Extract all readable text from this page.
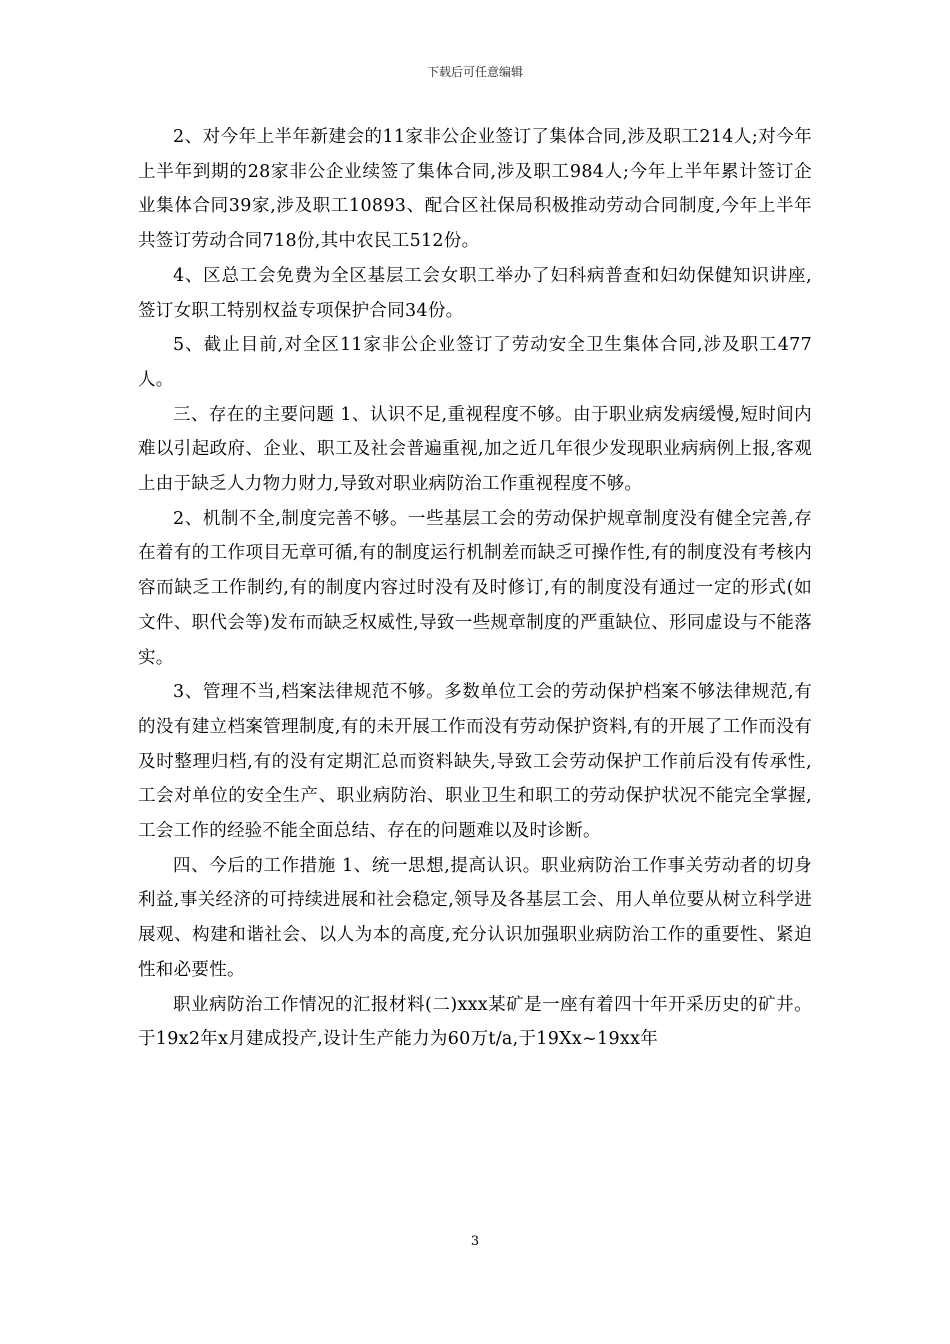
下载后可任意编辑

2、对今年上半年新建会的11家非公企业签订了集体合同,涉及职工214人;对今年上半年到期的28家非公企业续签了集体合同,涉及职工984人;今年上半年累计签订企业集体合同39家,涉及职工10893、配合区社保局积极推动劳动合同制度,今年上半年共签订劳动合同718份,其中农民工512份。

4、区总工会免费为全区基层工会女职工举办了妇科病普查和妇幼保健知识讲座,签订女职工特别权益专项保护合同34份。

5、截止目前,对全区11家非公企业签订了劳动安全卫生集体合同,涉及职工477人。

三、存在的主要问题 1、认识不足,重视程度不够。由于职业病发病缓慢,短时间内难以引起政府、企业、职工及社会普遍重视,加之近几年很少发现职业病病例上报,客观上由于缺乏人力物力财力,导致对职业病防治工作重视程度不够。

2、机制不全,制度完善不够。一些基层工会的劳动保护规章制度没有健全完善,存在着有的工作项目无章可循,有的制度运行机制差而缺乏可操作性,有的制度没有考核内容而缺乏工作制约,有的制度内容过时没有及时修订,有的制度没有通过一定的形式(如文件、职代会等)发布而缺乏权威性,导致一些规章制度的严重缺位、形同虚设与不能落实。

3、管理不当,档案法律规范不够。多数单位工会的劳动保护档案不够法律规范,有的没有建立档案管理制度,有的未开展工作而没有劳动保护资料,有的开展了工作而没有及时整理归档,有的没有定期汇总而资料缺失,导致工会劳动保护工作前后没有传承性,工会对单位的安全生产、职业病防治、职业卫生和职工的劳动保护状况不能完全掌握,工会工作的经验不能全面总结、存在的问题难以及时诊断。

四、今后的工作措施 1、统一思想,提高认识。职业病防治工作事关劳动者的切身利益,事关经济的可持续进展和社会稳定,领导及各基层工会、用人单位要从树立科学进展观、构建和谐社会、以人为本的高度,充分认识加强职业病防治工作的重要性、紧迫性和必要性。

职业病防治工作情况的汇报材料(二)xxx某矿是一座有着四十年开采历史的矿井。于19x2年x月建成投产,设计生产能力为60万t/a,于19Xx~19xx年

3
